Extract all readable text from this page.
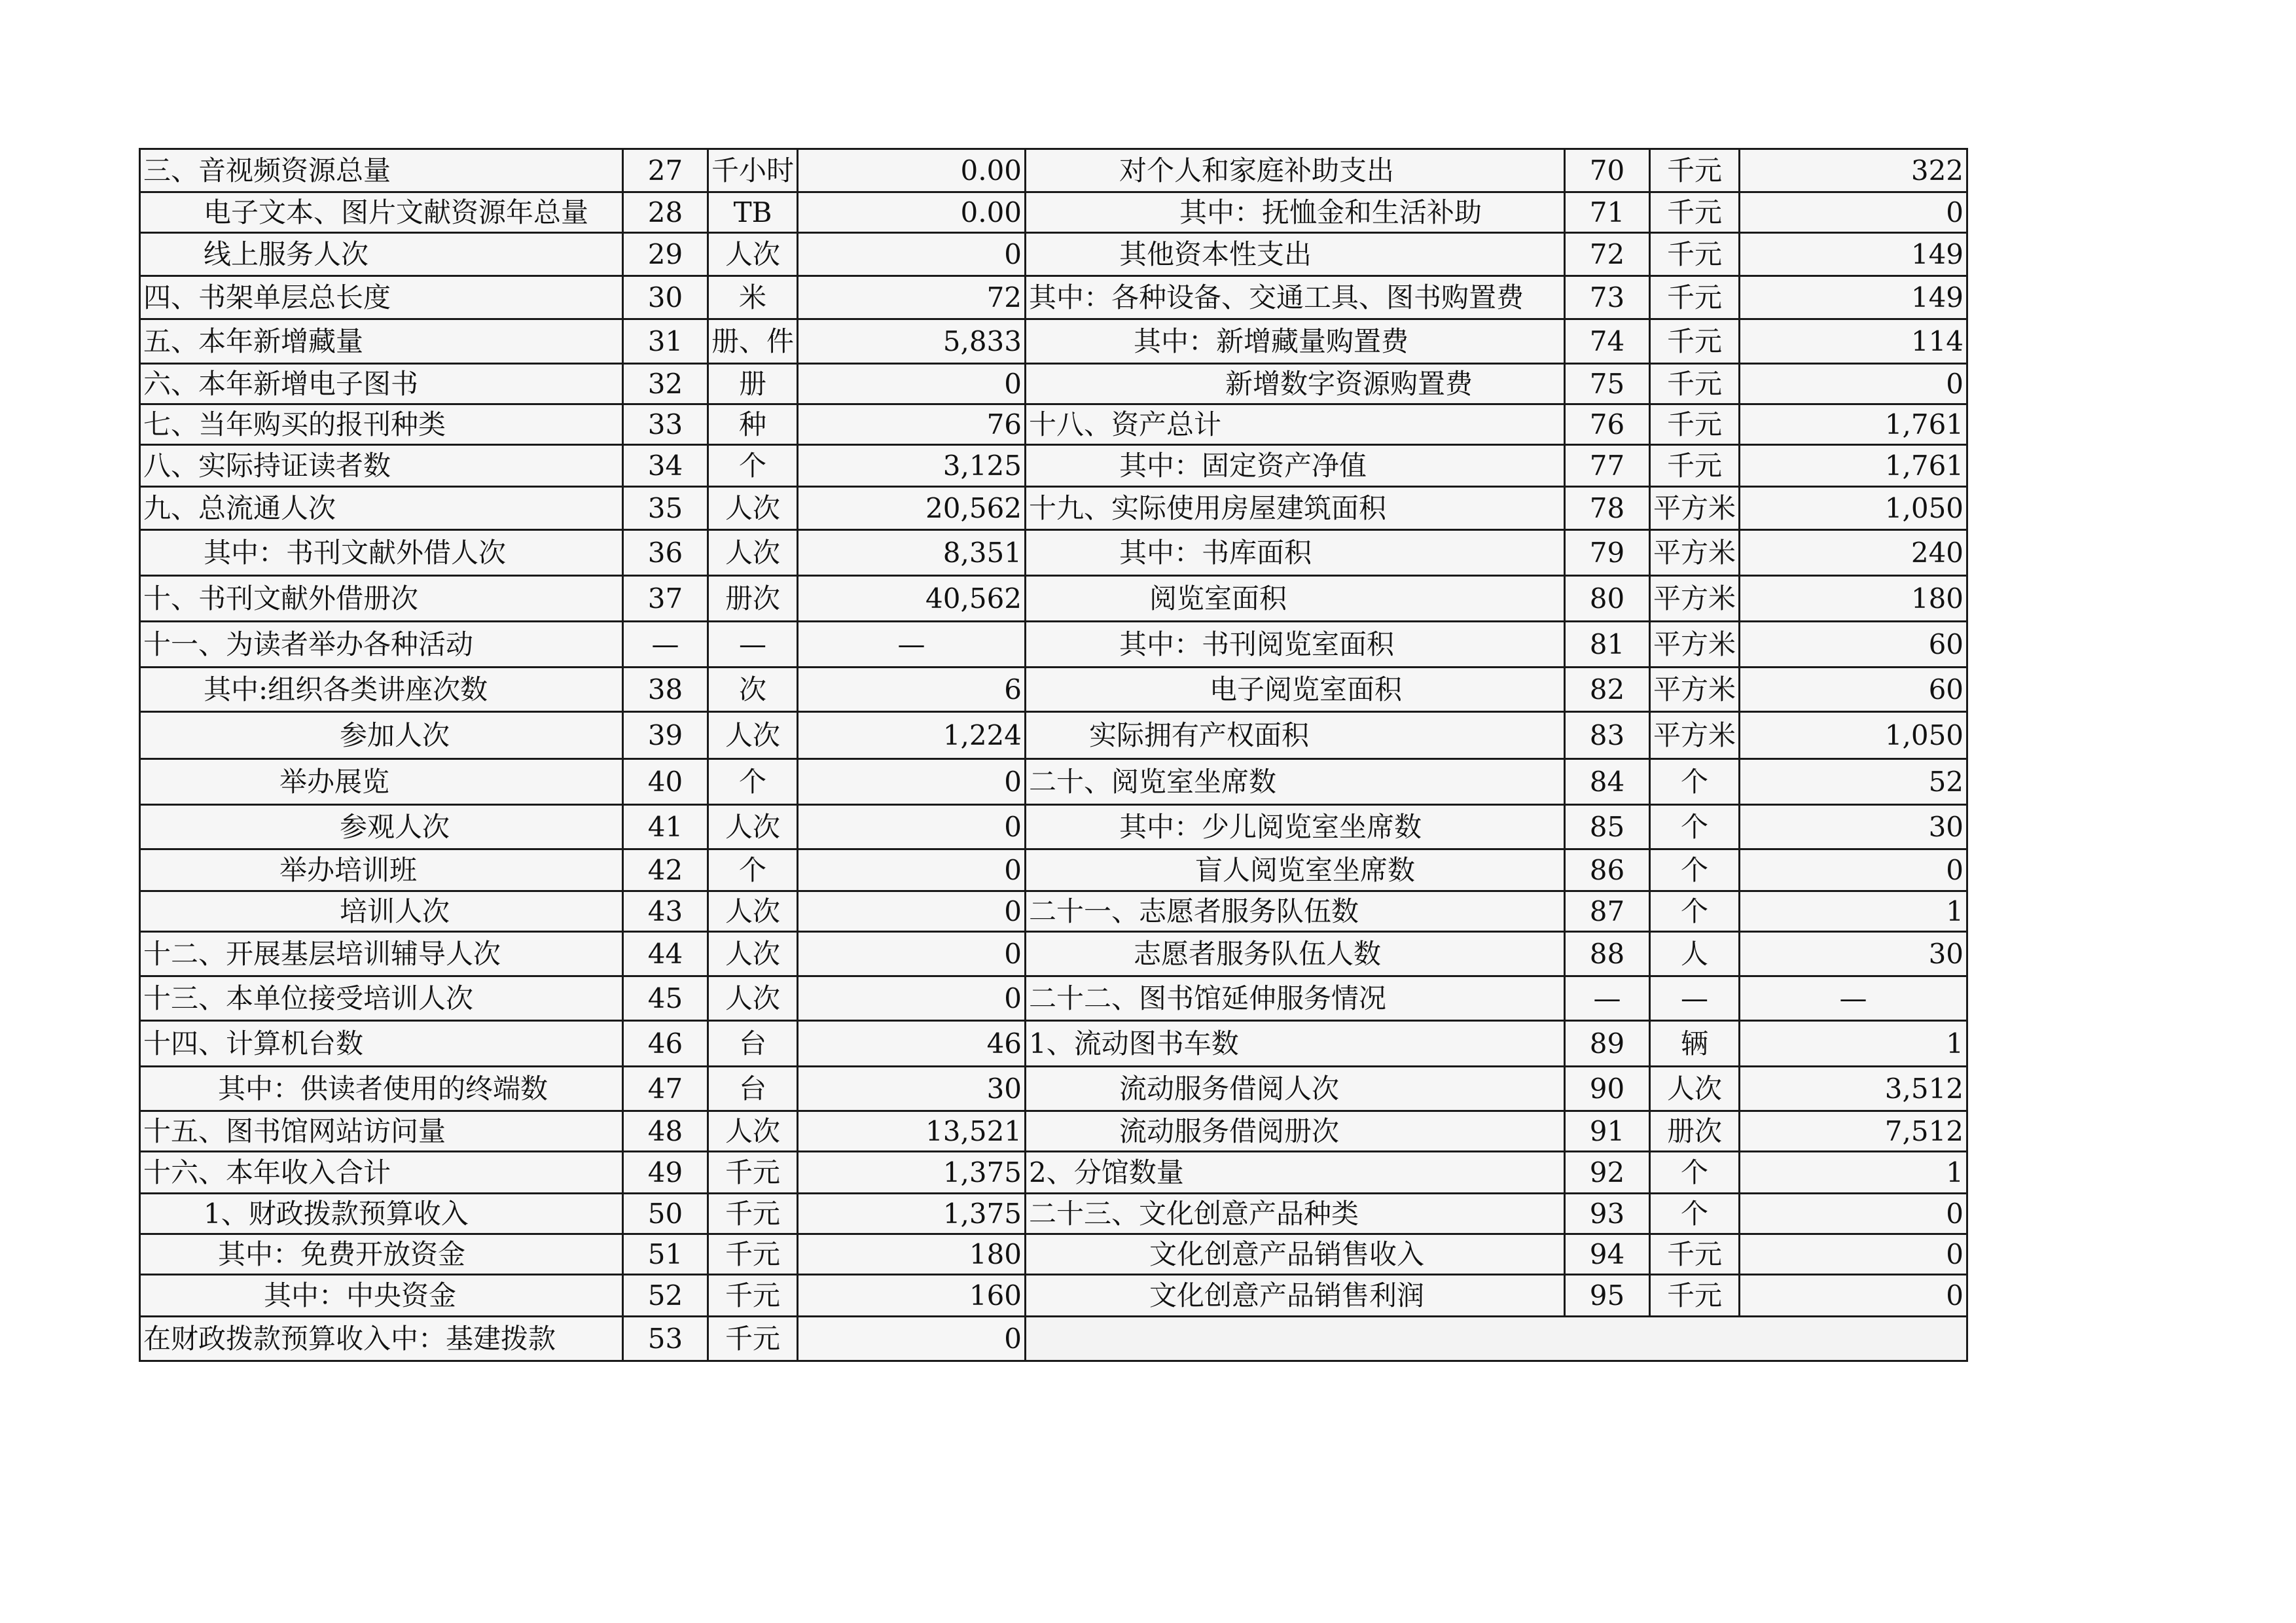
三、音视频资源总量	27	千小时	0.00	对个人和家庭补助支出	70	千元	322
电子文本、图片文献资源年总量	28	TB	0.00	其中：抚恤金和生活补助	71	千元	0
线上服务人次	29	人次	0	其他资本性支出	72	千元	149
四、书架单层总长度	30	米	72	其中：各种设备、交通工具、图书购置费	73	千元	149
五、本年新增藏量	31	册、件	5,833	其中：新增藏量购置费	74	千元	114
六、本年新增电子图书	32	册	0	新增数字资源购置费	75	千元	0
七、当年购买的报刊种类	33	种	76	十八、资产总计	76	千元	1,761
八、实际持证读者数	34	个	3,125	其中：固定资产净值	77	千元	1,761
九、总流通人次	35	人次	20,562	十九、实际使用房屋建筑面积	78	平方米	1,050
其中：书刊文献外借人次	36	人次	8,351	其中：书库面积	79	平方米	240
十、书刊文献外借册次	37	册次	40,562	阅览室面积	80	平方米	180
十一、为读者举办各种活动	—	—	—	其中：书刊阅览室面积	81	平方米	60
其中:组织各类讲座次数	38	次	6	电子阅览室面积	82	平方米	60
参加人次	39	人次	1,224	实际拥有产权面积	83	平方米	1,050
举办展览	40	个	0	二十、阅览室坐席数	84	个	52
参观人次	41	人次	0	其中：少儿阅览室坐席数	85	个	30
举办培训班	42	个	0	盲人阅览室坐席数	86	个	0
培训人次	43	人次	0	二十一、志愿者服务队伍数	87	个	1
十二、开展基层培训辅导人次	44	人次	0	志愿者服务队伍人数	88	人	30
十三、本单位接受培训人次	45	人次	0	二十二、图书馆延伸服务情况	—	—	—
十四、计算机台数	46	台	46	1、流动图书车数	89	辆	1
其中：供读者使用的终端数	47	台	30	流动服务借阅人次	90	人次	3,512
十五、图书馆网站访问量	48	人次	13,521	流动服务借阅册次	91	册次	7,512
十六、本年收入合计	49	千元	1,375	2、分馆数量	92	个	1
1、财政拨款预算收入	50	千元	1,375	二十三、文化创意产品种类	93	个	0
其中：免费开放资金	51	千元	180	文化创意产品销售收入	94	千元	0
其中：中央资金	52	千元	160	文化创意产品销售利润	95	千元	0
在财政拨款预算收入中：基建拨款	53	千元	0				
